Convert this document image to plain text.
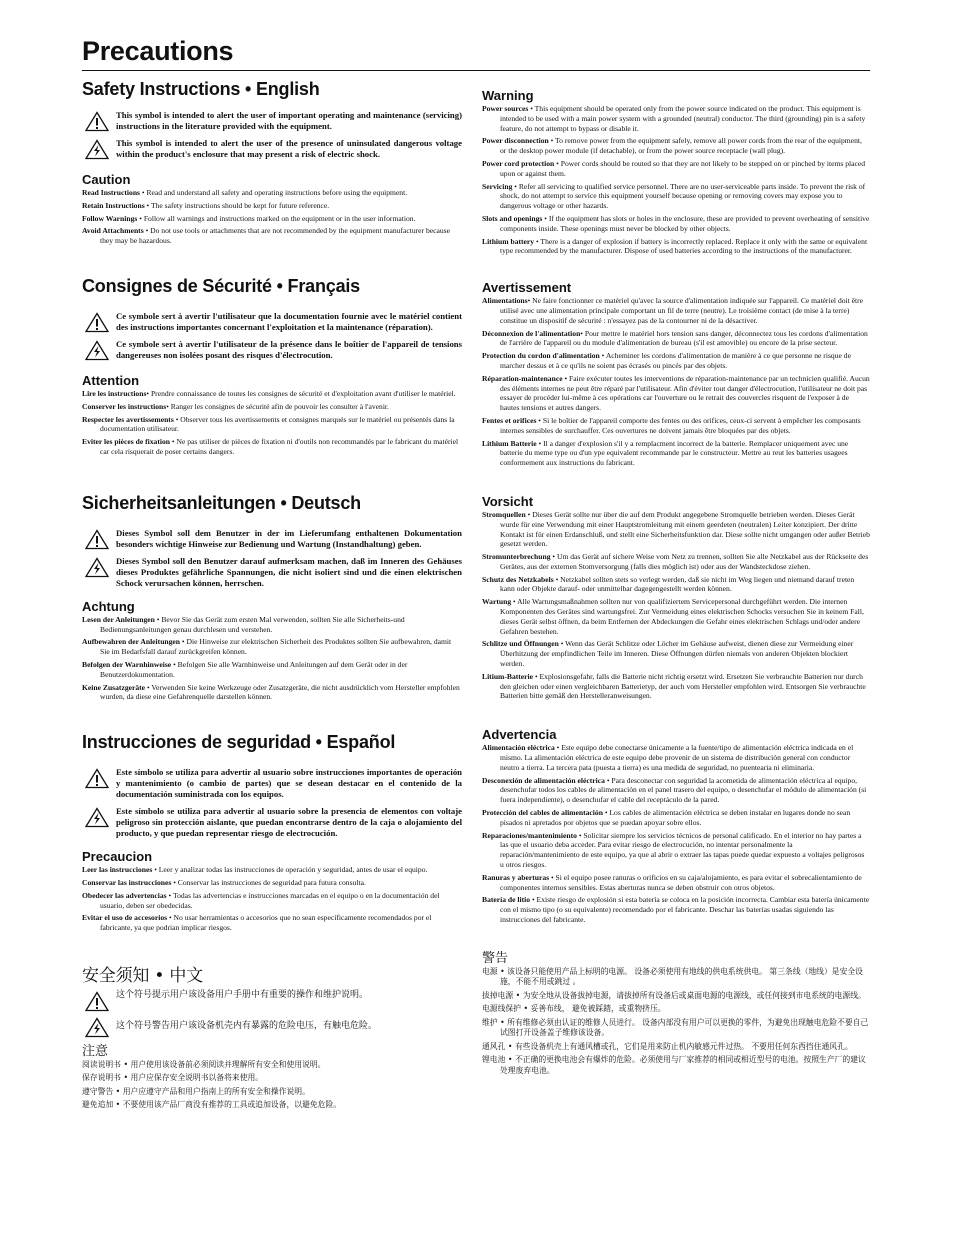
Precautions
Safety Instructions • English
This symbol is intended to alert the user of important operating and maintenance (servicing) instructions in the literature provided with the equipment.
This symbol is intended to alert the user of the presence of uninsulated dangerous voltage within the product's enclosure that may present a risk of electric shock.
Caution
Read Instructions • Read and understand all safety and operating instructions before using the equipment.
Retain Instructions • The safety instructions should be kept for future reference.
Follow Warnings • Follow all warnings and instructions marked on the equipment or in the user information.
Avoid Attachments • Do not use tools or attachments that are not recommended by the equipment manufacturer because they may be hazardous.
Consignes de Sécurité • Français
Ce symbole sert à avertir l'utilisateur que la documentation fournie avec le matériel contient des instructions importantes concernant l'exploitation et la maintenance (réparation).
Ce symbole sert à avertir l'utilisateur de la présence dans le boîtier de l'appareil de tensions dangereuses non isolées posant des risques d'électrocution.
Attention
Lire les instructions• Prendre connaissance de toutes les consignes de sécurité et d'exploitation avant d'utiliser le matériel.
Conserver les instructions• Ranger les consignes de sécurité afin de pouvoir les consulter à l'avenir.
Respecter les avertissements • Observer tous les avertissements et consignes marqués sur le matériel ou présentés dans la documentation utilisateur.
Eviter les pièces de fixation • Ne pas utiliser de pièces de fixation ni d'outils non recommandés par le fabricant du matériel car cela risquerait de poser certains dangers.
Sicherheitsanleitungen • Deutsch
Dieses Symbol soll dem Benutzer in der im Lieferumfang enthaltenen Dokumentation besonders wichtige Hinweise zur Bedienung und Wartung (Instandhaltung) geben.
Dieses Symbol soll den Benutzer darauf aufmerksam machen, daß im Inneren des Gehäuses dieses Produktes gefährliche Spannungen, die nicht isoliert sind und die einen elektrischen Schock verursachen können, herrschen.
Achtung
Lesen der Anleitungen • Bevor Sie das Gerät zum ersten Mal verwenden, sollten Sie alle Sicherheits-und Bedienungsanleitungen genau durchlesen und verstehen.
Aufbewahren der Anleitungen • Die Hinweise zur elektrischen Sicherheit des Produktes sollten Sie aufbewahren, damit Sie im Bedarfsfall darauf zurückgreifen können.
Befolgen der Warnhinweise • Befolgen Sie alle Warnhinweise und Anleitungen auf dem Gerät oder in der Benutzerdokumentation.
Keine Zusatzgeräte • Verwenden Sie keine Werkzeuge oder Zusatzgeräte, die nicht ausdrücklich vom Hersteller empfohlen wurden, da diese eine Gefahrenquelle darstellen können.
Instrucciones de seguridad • Español
Este símbolo se utiliza para advertir al usuario sobre instrucciones importantes de operación y mantenimiento (o cambio de partes) que se desean destacar en el contenido de la documentación suministrada con los equipos.
Este símbolo se utiliza para advertir al usuario sobre la presencia de elementos con voltaje peligroso sin protección aislante, que puedan encontrarse dentro de la caja o alojamiento del producto, y que puedan representar riesgo de electrocución.
Precaucion
Leer las instrucciones • Leer y analizar todas las instrucciones de operación y seguridad, antes de usar el equipo.
Conservar las instrucciones • Conservar las instrucciones de seguridad para futura consulta.
Obedecer las advertencias • Todas las advertencias e instrucciones marcadas en el equipo o en la documentación del usuario, deben ser obedecidas.
Evitar el uso de accesorios • No usar herramientas o accesorios que no sean específicamente recomendados por el fabricante, ya que podrian implicar riesgos.
安全须知 • 中文
这个符号提示用户该设备用户手册中有重要的操作和维护说明。
这个符号警告用户该设备机壳内有暴露的危险电压，有触电危险。
注意
阅读说明书 • 用户使用该设备前必须阅读并理解所有安全和使用说明。
保存说明书 • 用户应保存安全说明书以备将来使用。
遵守警告 • 用户应遵守产品和用户指南上的所有安全和操作说明。
避免追加 • 不要使用该产品厂商没有推荐的工具或追加设备，以避免危险。
Warning
Power sources • This equipment should be operated only from the power source indicated on the product. This equipment is intended to be used with a main power system with a grounded (neutral) conductor. The third (grounding) pin is a safety feature, do not attempt to bypass or disable it.
Power disconnection • To remove power from the equipment safely, remove all power cords from the rear of the equipment, or the desktop power module (if detachable), or from the power source receptacle (wall plug).
Power cord protection • Power cords should be routed so that they are not likely to be stepped on or pinched by items placed upon or against them.
Servicing • Refer all servicing to qualified service personnel. There are no user-serviceable parts inside. To prevent the risk of shock, do not attempt to service this equipment yourself because opening or removing covers may expose you to dangerous voltage or other hazards.
Slots and openings • If the equipment has slots or holes in the enclosure, these are provided to prevent overheating of sensitive components inside. These openings must never be blocked by other objects.
Lithium battery • There is a danger of explosion if battery is incorrectly replaced. Replace it only with the same or equivalent type recommended by the manufacturer. Dispose of used batteries according to the instructions of the manufacturer.
Avertissement
Alimentations• Ne faire fonctionner ce matériel qu'avec la source d'alimentation indiquée sur l'appareil. Ce matériel doit être utilisé avec une alimentation principale comportant un fil de terre (neutre). Le troisième contact (de mise à la terre) constitue un dispositif de sécurité : n'essayez pas de la contourner ni de la désactiver.
Déconnexion de l'alimentation• Pour mettre le matériel hors tension sans danger, déconnectez tous les cordons d'alimentation de l'arrière de l'appareil ou du module d'alimentation de bureau (s'il est amovible) ou encore de la prise secteur.
Protection du cordon d'alimentation • Acheminer les cordons d'alimentation de manière à ce que personne ne risque de marcher dessus et à ce qu'ils ne soient pas écrasés ou pincés par des objets.
Réparation-maintenance • Faire exécuter toutes les interventions de réparation-maintenance par un technicien qualifié. Aucun des éléments internes ne peut être réparé par l'utilisateur. Afin d'éviter tout danger d'électrocution, l'utilisateur ne doit pas essayer de procéder lui-même à ces opérations car l'ouverture ou le retrait des couvercles risquent de l'exposer à de hautes tensions et autres dangers.
Fentes et orifices • Si le boîtier de l'appareil comporte des fentes ou des orifices, ceux-ci servent à empêcher les composants internes sensibles de surchauffer. Ces ouvertures ne doivent jamais être bloquées par des objets.
Lithium Batterie • Il a danger d'explosion s'il y a remplacment incorrect de la batterie. Remplacer uniquement avec une batterie du meme type ou d'un ype equivalent recommande par le constructeur. Mettre au reut les batteries usagees conformement aux instructions du fabricant.
Vorsicht
Stromquellen • Dieses Gerät sollte nur über die auf dem Produkt angegebene Stromquelle betrieben werden. Dieses Gerät wurde für eine Verwendung mit einer Hauptstromleitung mit einem geerdeten (neutralen) Leiter konzipiert. Der dritte Kontakt ist für einen Erdanschluß, und stellt eine Sicherheitsfunktion dar. Diese sollte nicht umgangen oder außer Betrieb gesetzt werden.
Stromunterbrechung • Um das Gerät auf sichere Weise vom Netz zu trennen, sollten Sie alle Netzkabel aus der Rückseite des Gerätes, aus der externen Stomversorgung (falls dies möglich ist) oder aus der Wandsteckdose ziehen.
Schutz des Netzkabels • Netzkabel sollten stets so verlegt werden, daß sie nicht im Weg liegen und niemand darauf treten kann oder Objekte darauf- oder unmittelbar dagegengestellt werden können.
Wartung • Alle Wartungsmaßnahmen sollten nur von qualifiziertem Servicepersonal durchgeführt werden. Die internen Komponenten des Gerätes sind wartungsfrei. Zur Vermeidung eines elektrischen Schocks versuchen Sie in keinem Fall, dieses Gerät selbst öffnen, da beim Entfernen der Abdeckungen die Gefahr eines elektrischen Schlags und/oder andere Gefahren bestehen.
Schlitze und Öffnungen • Wenn das Gerät Schlitze oder Löcher im Gehäuse aufweist, dienen diese zur Vermeidung einer Überhitzung der empfindlichen Teile im Inneren. Diese Öffnungen dürfen niemals von anderen Objekten blockiert werden.
Litium-Batterie • Explosionsgefahr, falls die Batterie nicht richtig ersetzt wird. Ersetzen Sie verbrauchte Batterien nur durch den gleichen oder einen vergleichbaren Batterietyp, der auch vom Hersteller empfohlen wird. Entsorgen Sie verbrauchte Batterien bitte gemäß den Herstelleranweisungen.
Advertencia
Alimentación eléctrica • Este equipo debe conectarse únicamente a la fuente/tipo de alimentación eléctrica indicada en el mismo. La alimentación eléctrica de este equipo debe provenir de un sistema de distribución general con conductor neutro a tierra. La tercera pata (puesta a tierra) es una medida de seguridad, no puentearia ni eliminaria.
Desconexión de alimentación eléctrica • Para desconectar con seguridad la acometida de alimentación eléctrica al equipo, desenchufar todos los cables de alimentación en el panel trasero del equipo, o desenchufar el módulo de alimentación (si fuera independiente), o desenchufar el cable del receptáculo de la pared.
Protección del cables de alimentación • Los cables de alimentación eléctrica se deben instalar en lugares donde no sean pisados ni apretados por objetos que se puedan apoyar sobre ellos.
Reparaciones/mantenimiento • Solicitar siempre los servicios técnicos de personal calificado. En el interior no hay partes a las que el usuario deba acceder. Para evitar riesgo de electrocución, no intentar personalmente la reparación/mantenimiento de este equipo, ya que al abrir o extraer las tapas puede quedar expuesto a voltajes peligrosos u otros riesgos.
Ranuras y aberturas • Si el equipo posee ranuras o orificios en su caja/alojamiento, es para evitar el sobrecalientamiento de componentes internos sensibles. Estas aberturas nunca se deben obstruir con otros objetos.
Batería de litio • Existe riesgo de explosión si esta batería se coloca en la posición incorrecta. Cambiar esta batería únicamente con el mismo tipo (o su equivalente) recomendado por el fabricante. Deschar las baterías usadas siguiendo las instrucciones del fabricante.
警告
电源 • 该设备只能使用产品上标明的电源。 设备必须使用有地线的供电系统供电。 第三条线（地线）是安全设施，不能不用或跳过 。
拔掉电源 • 为安全地从设备拔掉电源，请拔掉所有设备后或桌面电源的电源线，或任何接到市电系统的电源线。
电源线保护 • 妥善布线， 避免被踩踏，或重物挤压。
维护 • 所有维修必须由认证的维修人员进行。 设备内部没有用户可以更换的零件，为避免出现触电危险不要自己试图打开设备盖子维修该设备。
通风孔 • 有些设备机壳上有通风槽或孔，它们是用来防止机内敏感元件过热。 不要用任何东西挡住通风孔。
锂电池 • 不正确的更换电池会有爆炸的危险。必须使用与厂家推荐的相同或相近型号的电池。按照生产厂的建议处理废弃电池。
